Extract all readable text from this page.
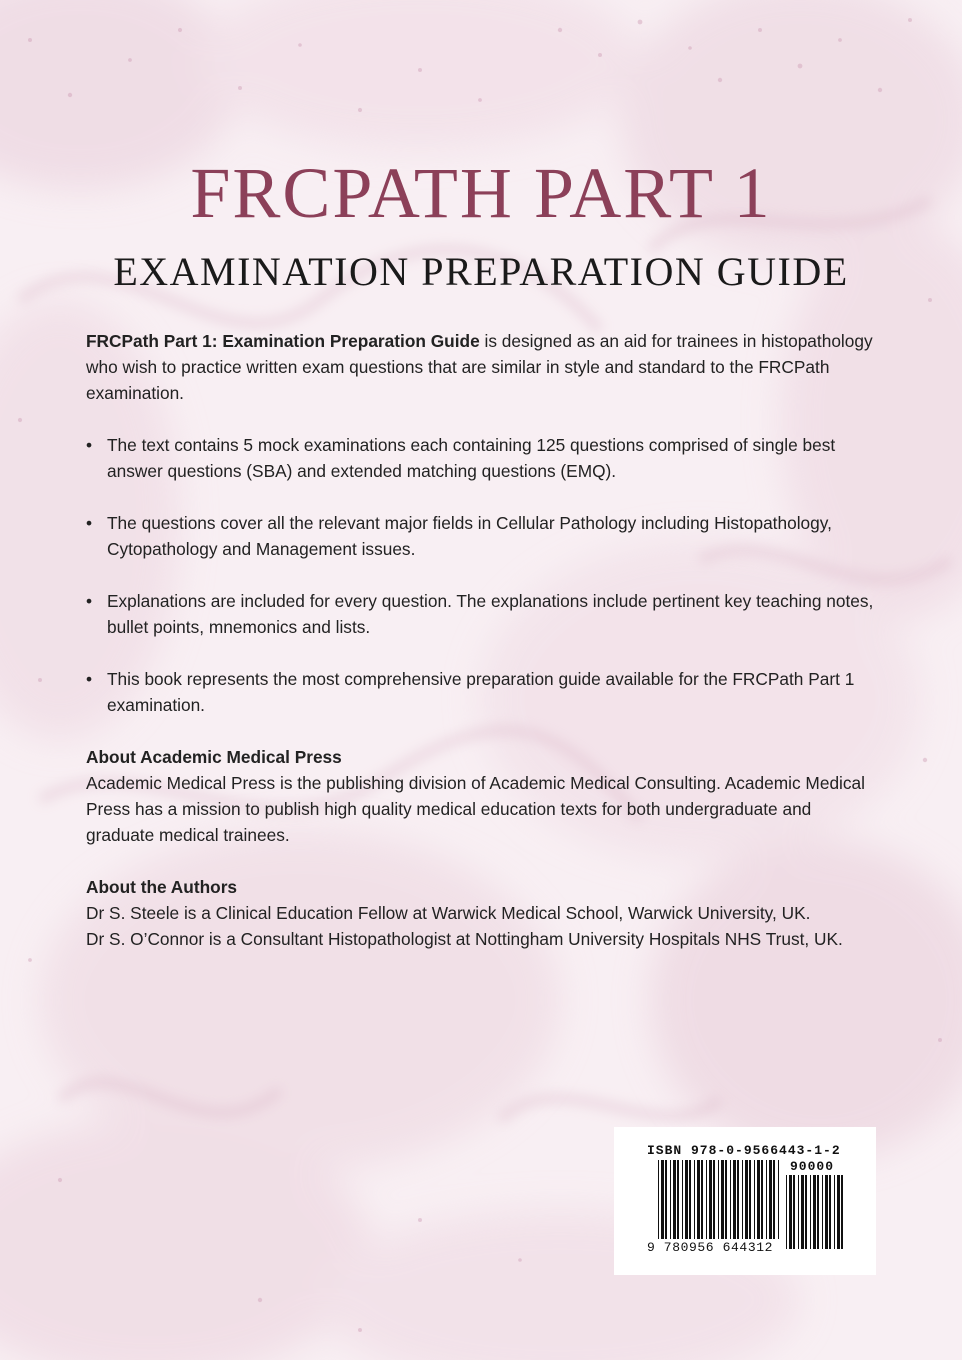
FRCPATH PART 1
EXAMINATION PREPARATION GUIDE

FRCPath Part 1: Examination Preparation Guide is designed as an aid for trainees in histopathology who wish to practice written exam questions that are similar in style and standard to the FRCPath examination.

• The text contains 5 mock examinations each containing 125 questions comprised of single best answer questions (SBA) and extended matching questions (EMQ).
• The questions cover all the relevant major fields in Cellular Pathology including Histopathology, Cytopathology and Management issues.
• Explanations are included for every question. The explanations include pertinent key teaching notes, bullet points, mnemonics and lists.
• This book represents the most comprehensive preparation guide available for the FRCPath Part 1 examination.

About Academic Medical Press
Academic Medical Press is the publishing division of Academic Medical Consulting. Academic Medical Press has a mission to publish high quality medical education texts for both undergraduate and graduate medical trainees.

About the Authors
Dr S. Steele is a Clinical Education Fellow at Warwick Medical School, Warwick University, UK.
Dr S. O’Connor is a Consultant Histopathologist at Nottingham University Hospitals NHS Trust, UK.

ISBN 978-0-9566443-1-2
90000
9 780956 644312
